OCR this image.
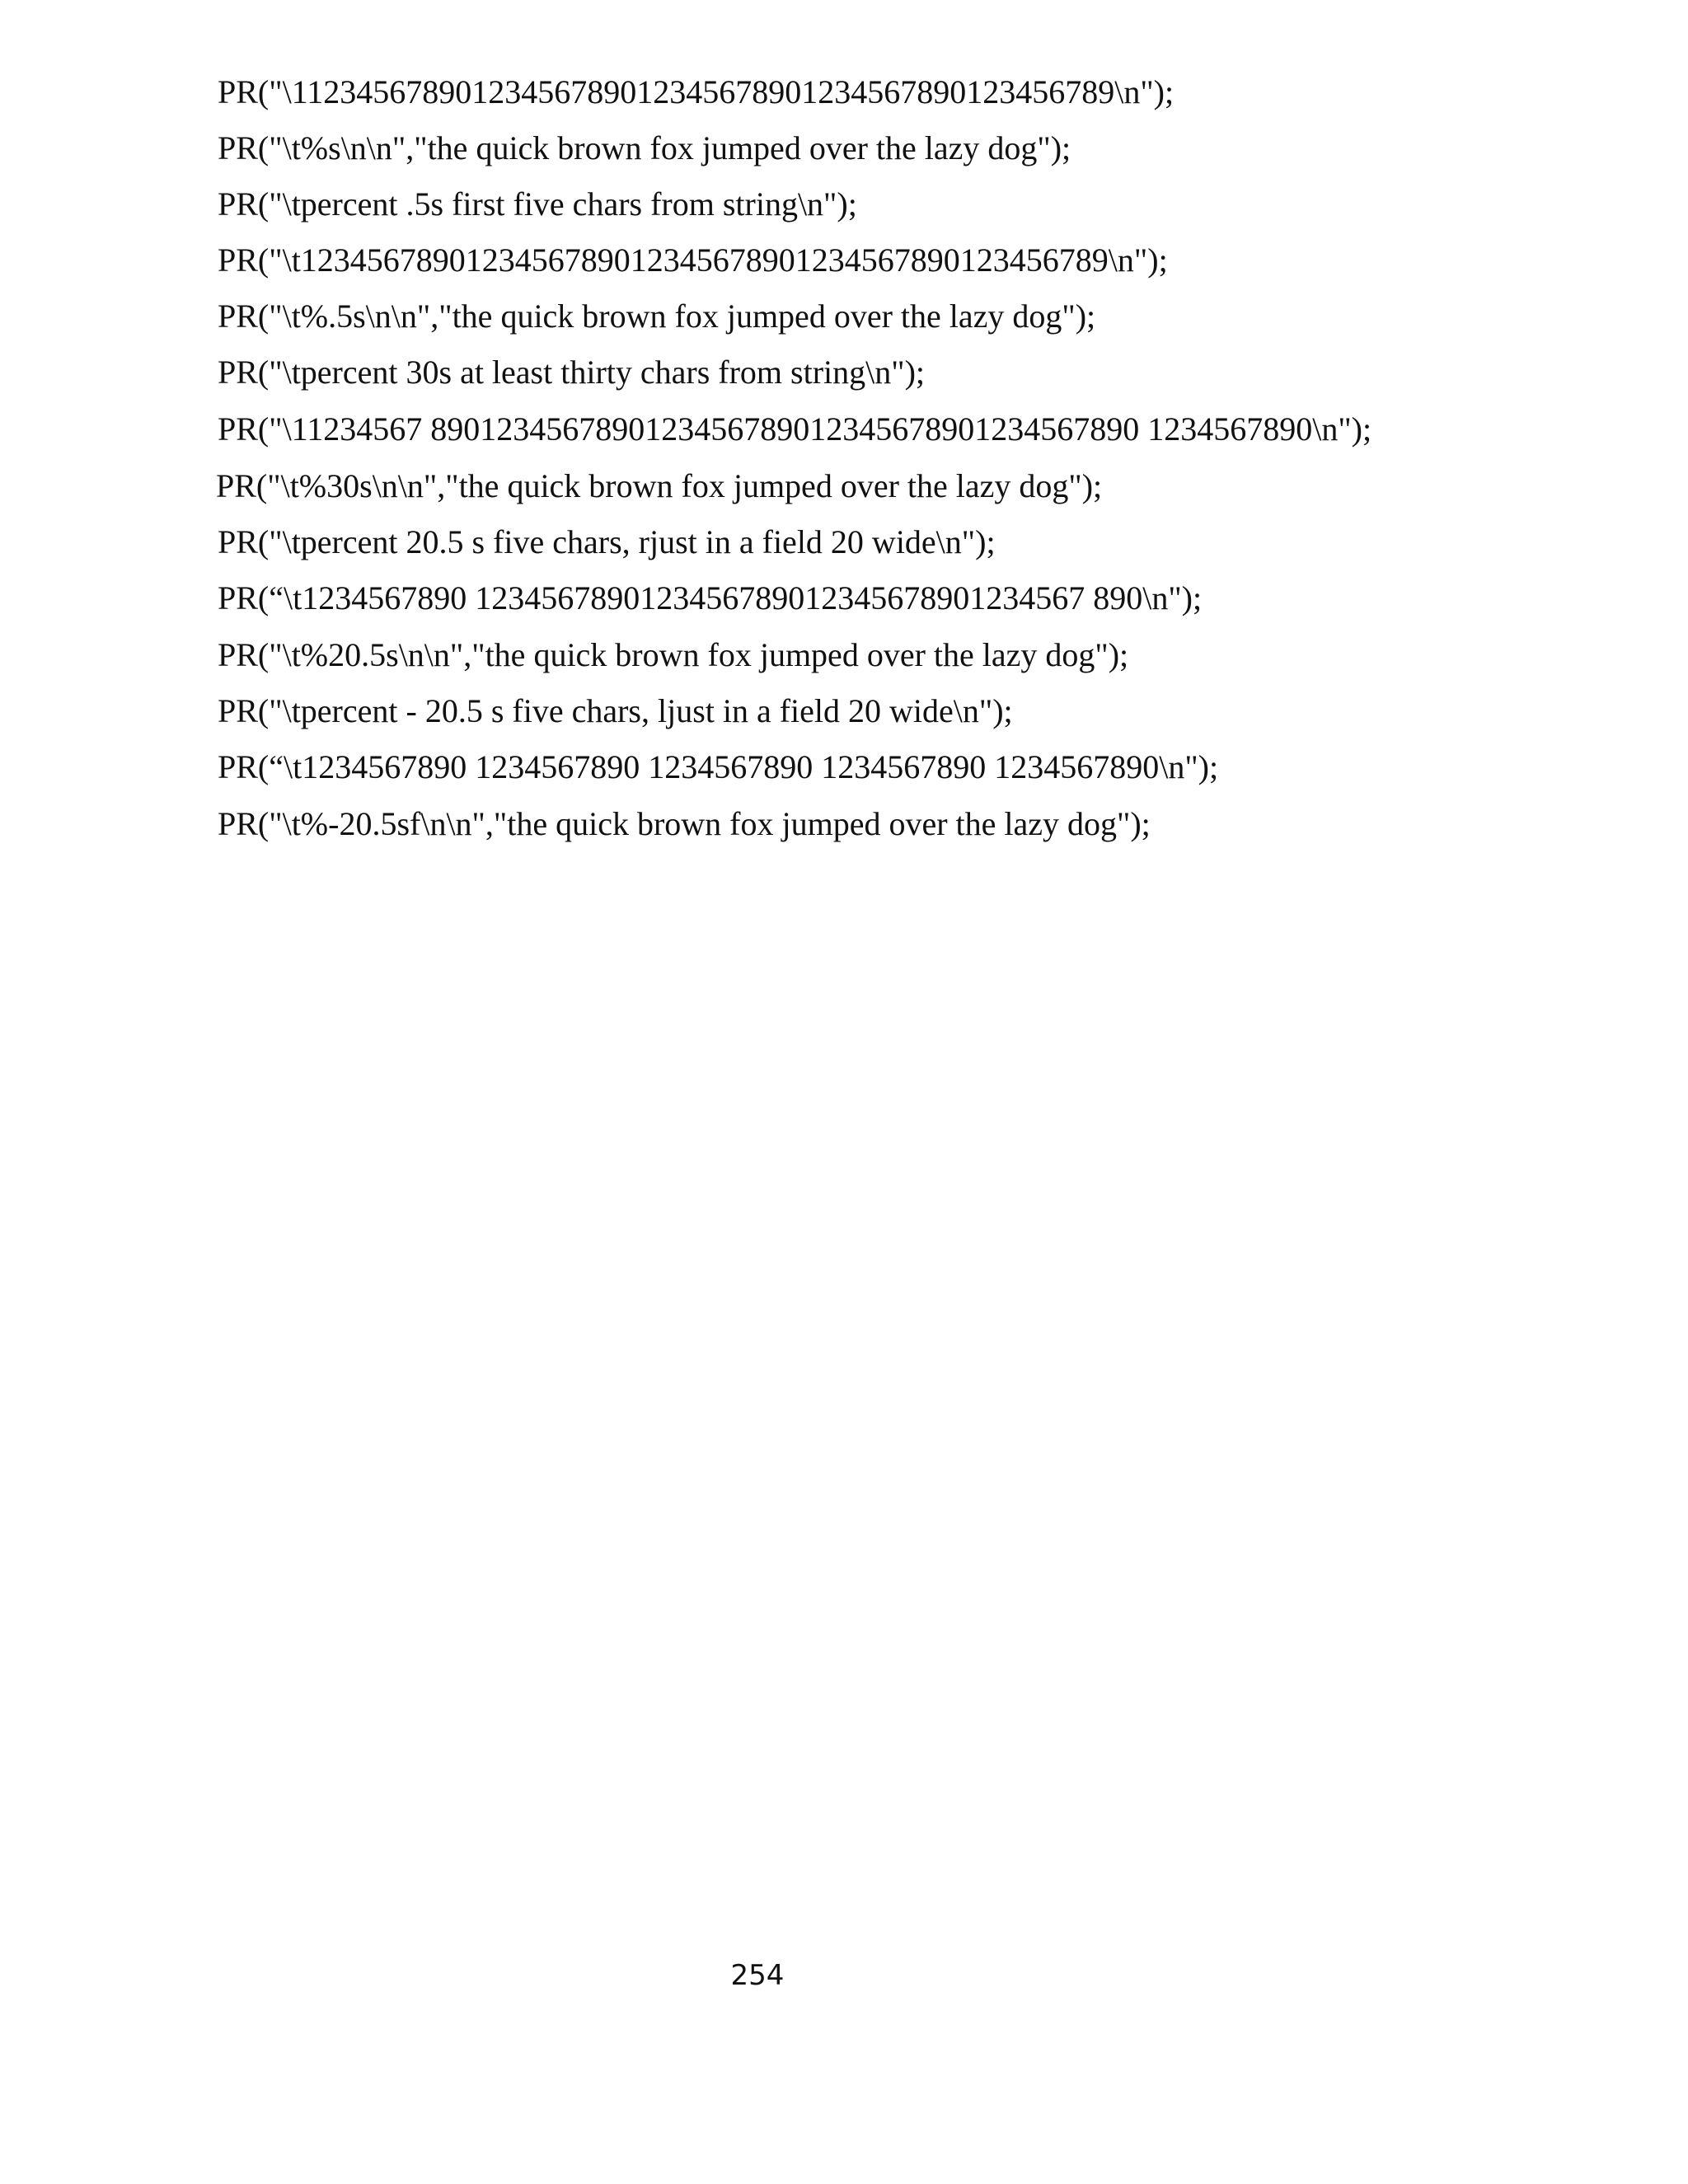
PR("\11234567890123456789012345678901234567890123456789\n");
PR("\t%s\n\n","the quick brown fox jumped over the lazy dog");
PR("\tpercent .5s first five chars from string\n");
PR("\t1234567890123456789012345678901234567890123456789\n");
PR("\t%.5s\n\n","the quick brown fox jumped over the lazy dog");
PR("\tpercent 30s at least thirty chars from string\n");
PR("\11234567 8901234567890123456789012345678901234567890 1234567890\n");
PR("\t%30s\n\n","the quick brown fox jumped over the lazy dog");
PR("\tpercent 20.5 s five chars, rjust in a field 20 wide\n");
PR(“\t1234567890 1234567890123456789012345678901234567 890\n");
PR("\t%20.5s\n\n","the quick brown fox jumped over the lazy dog");
PR("\tpercent - 20.5 s five chars, ljust in a field 20 wide\n");
PR(“\t1234567890 1234567890 1234567890 1234567890 1234567890\n");
PR("\t%-20.5sf\n\n","the quick brown fox jumped over the lazy dog");
254
